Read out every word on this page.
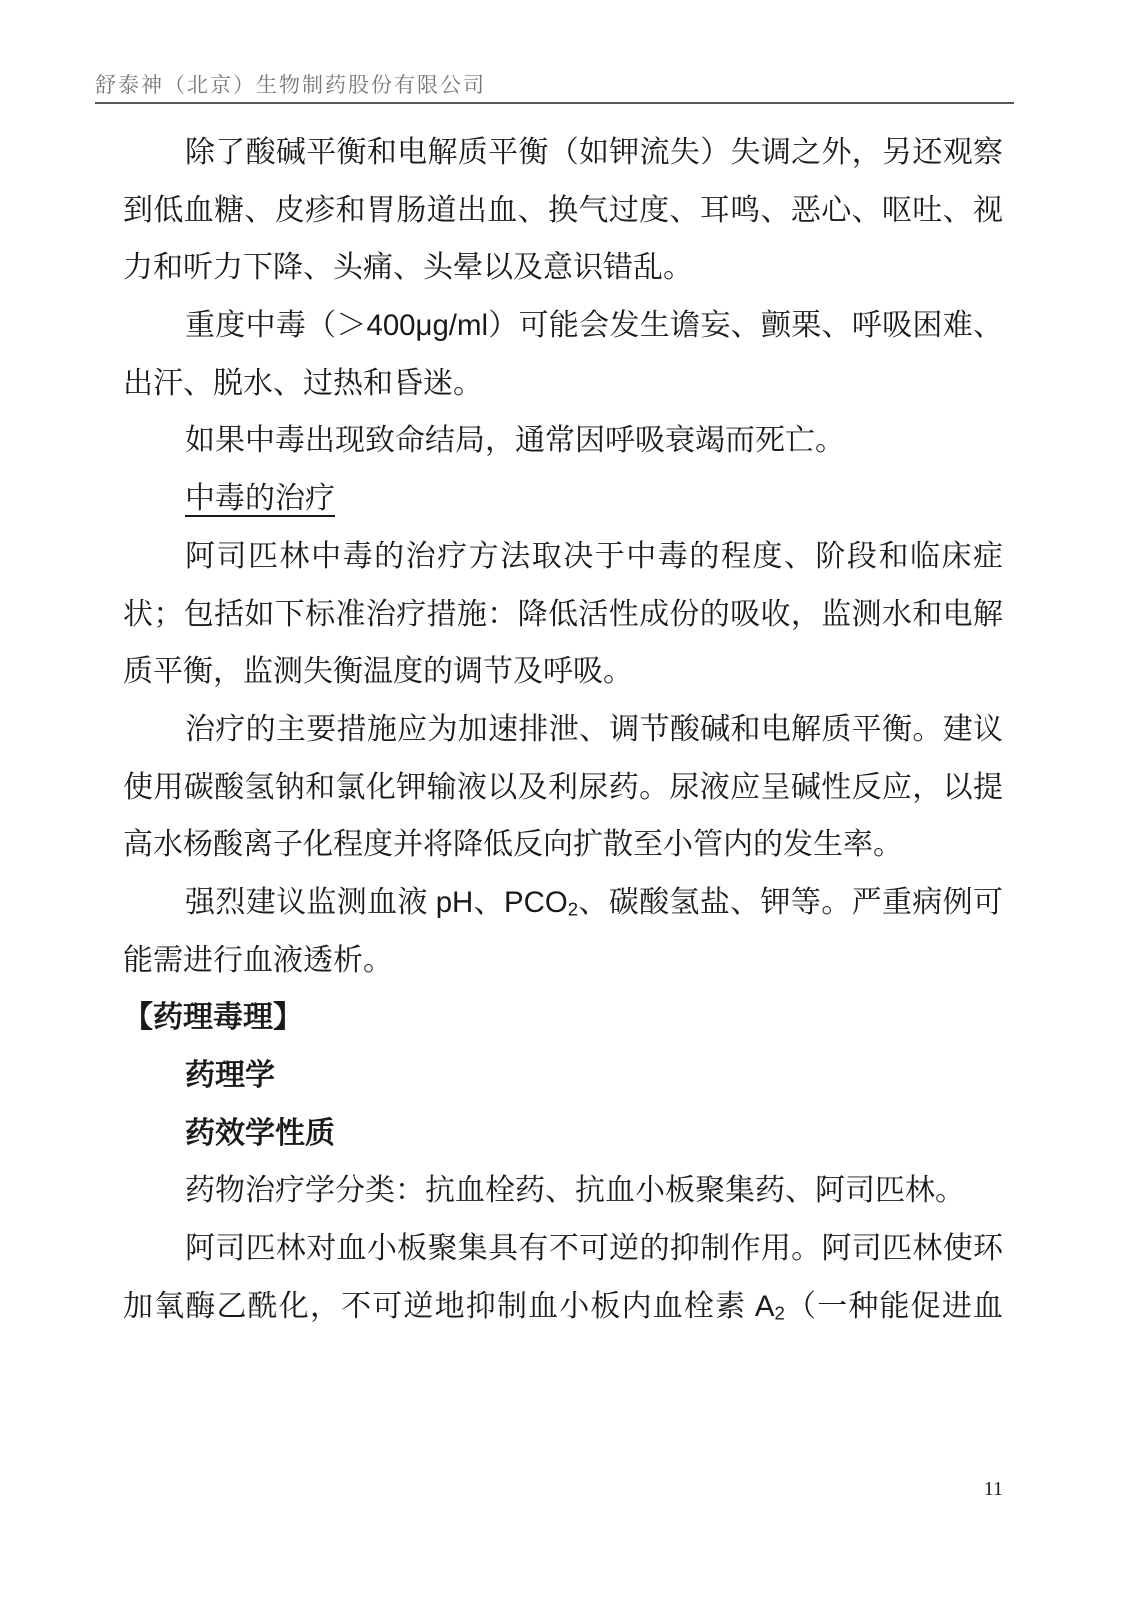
舒泰神（北京）生物制药股份有限公司
除了酸碱平衡和电解质平衡（如钾流失）失调之外，另还观察
到低血糖、皮疹和胃肠道出血、换气过度、耳鸣、恶心、呕吐、视
力和听力下降、头痛、头晕以及意识错乱。
重度中毒（＞400μg/ml）可能会发生谵妄、颤栗、呼吸困难、
出汗、脱水、过热和昏迷。
如果中毒出现致命结局，通常因呼吸衰竭而死亡。
中毒的治疗
阿司匹林中毒的治疗方法取决于中毒的程度、阶段和临床症
状；包括如下标准治疗措施：降低活性成份的吸收，监测水和电解
质平衡，监测失衡温度的调节及呼吸。
治疗的主要措施应为加速排泄、调节酸碱和电解质平衡。建议
使用碳酸氢钠和氯化钾输液以及利尿药。尿液应呈碱性反应，以提
高水杨酸离子化程度并将降低反向扩散至小管内的发生率。
强烈建议监测血液 pH、PCO2、碳酸氢盐、钾等。严重病例可
能需进行血液透析。
【药理毒理】
药理学
药效学性质
药物治疗学分类：抗血栓药、抗血小板聚集药、阿司匹林。
阿司匹林对血小板聚集具有不可逆的抑制作用。阿司匹林使环
加氧酶乙酰化，不可逆地抑制血小板内血栓素 A2（一种能促进血
11
